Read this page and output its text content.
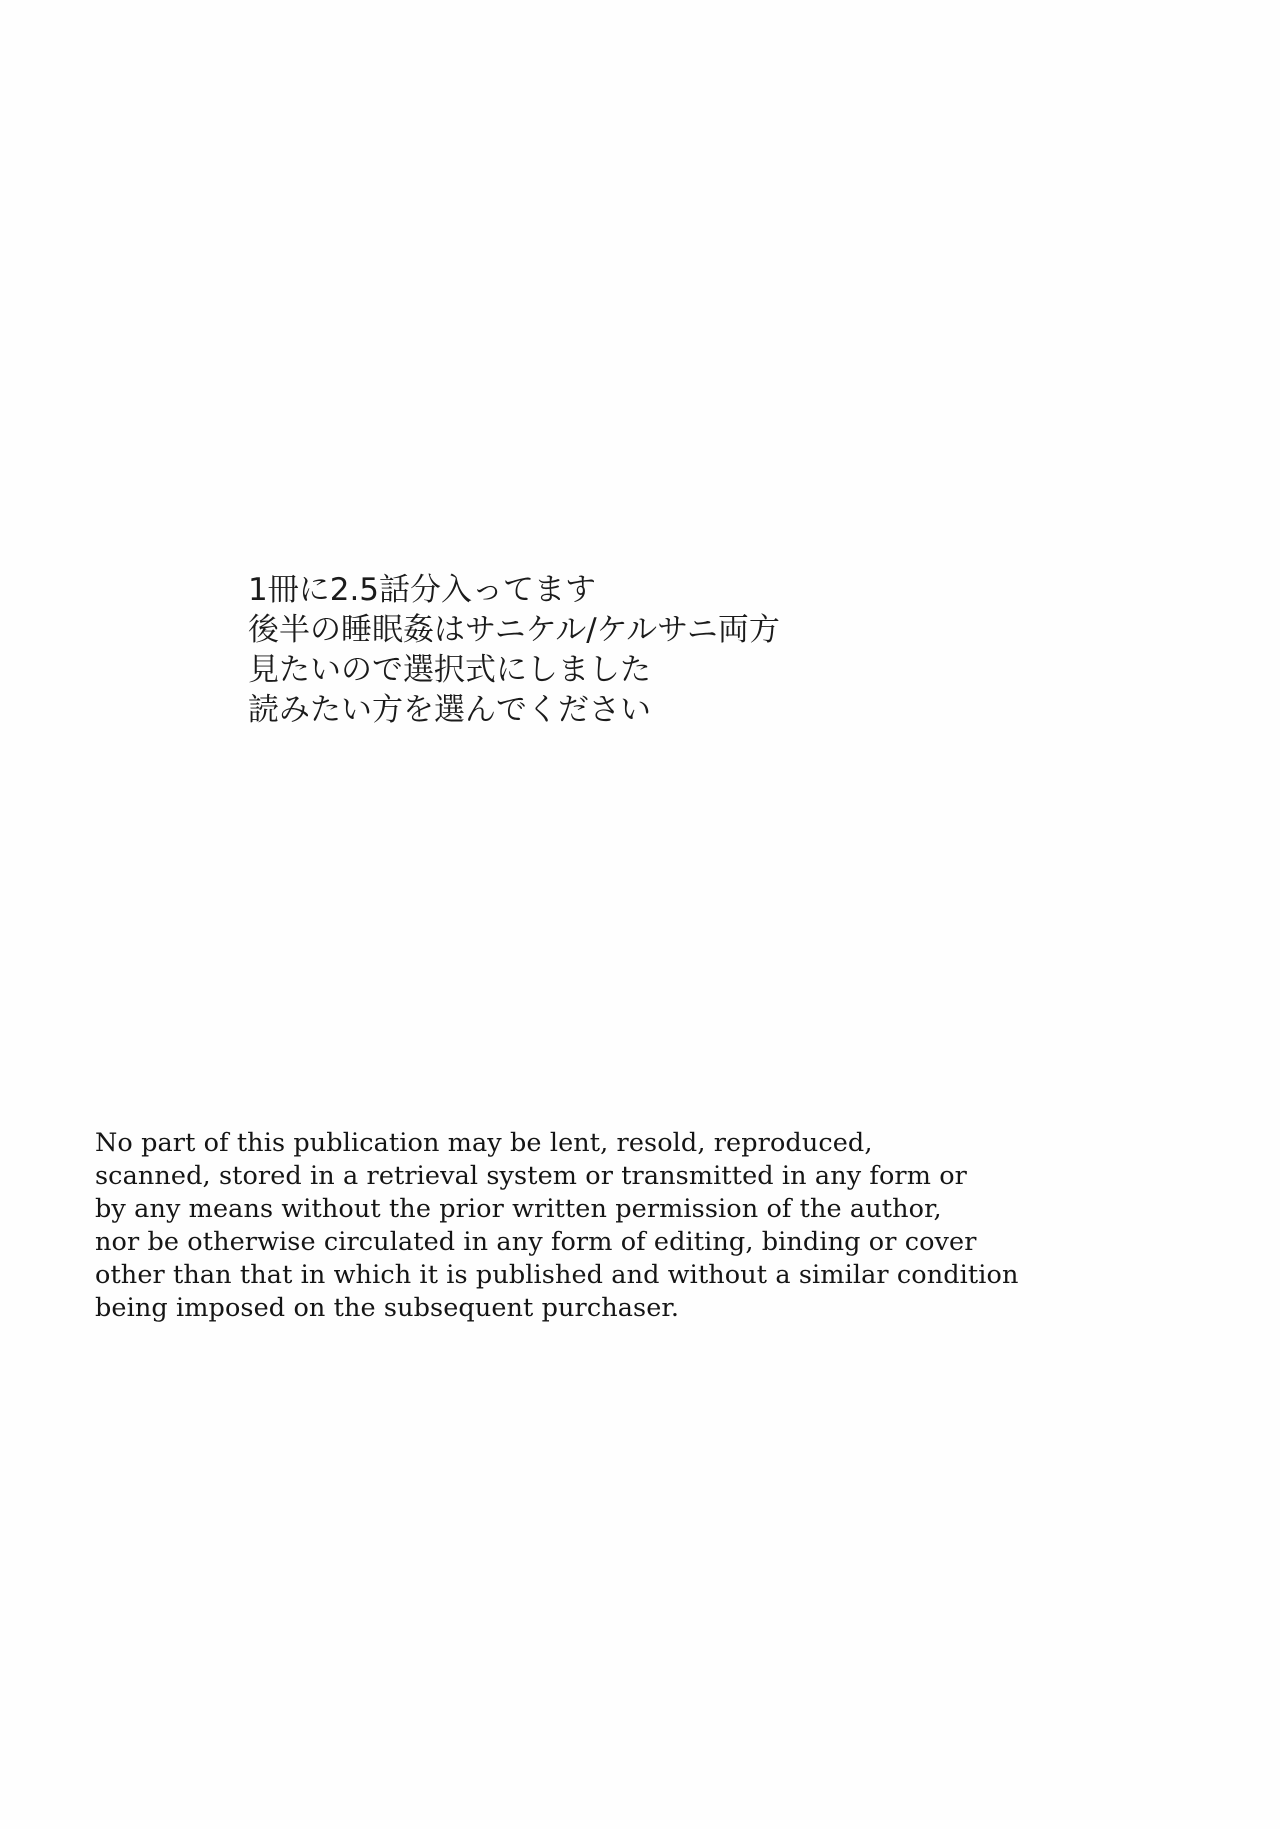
1冊に2.5話分入ってます
後半の睡眠姦はサニケル/ケルサニ両方
見たいので選択式にしました
読みたい方を選んでください
No part of this publication may be lent, resold, reproduced,
scanned, stored in a retrieval system or transmitted in any form or
by any means without the prior written permission of the author,
nor be otherwise circulated in any form of editing, binding or cover
other than that in which it is published and without a similar condition
being imposed on the subsequent purchaser.
